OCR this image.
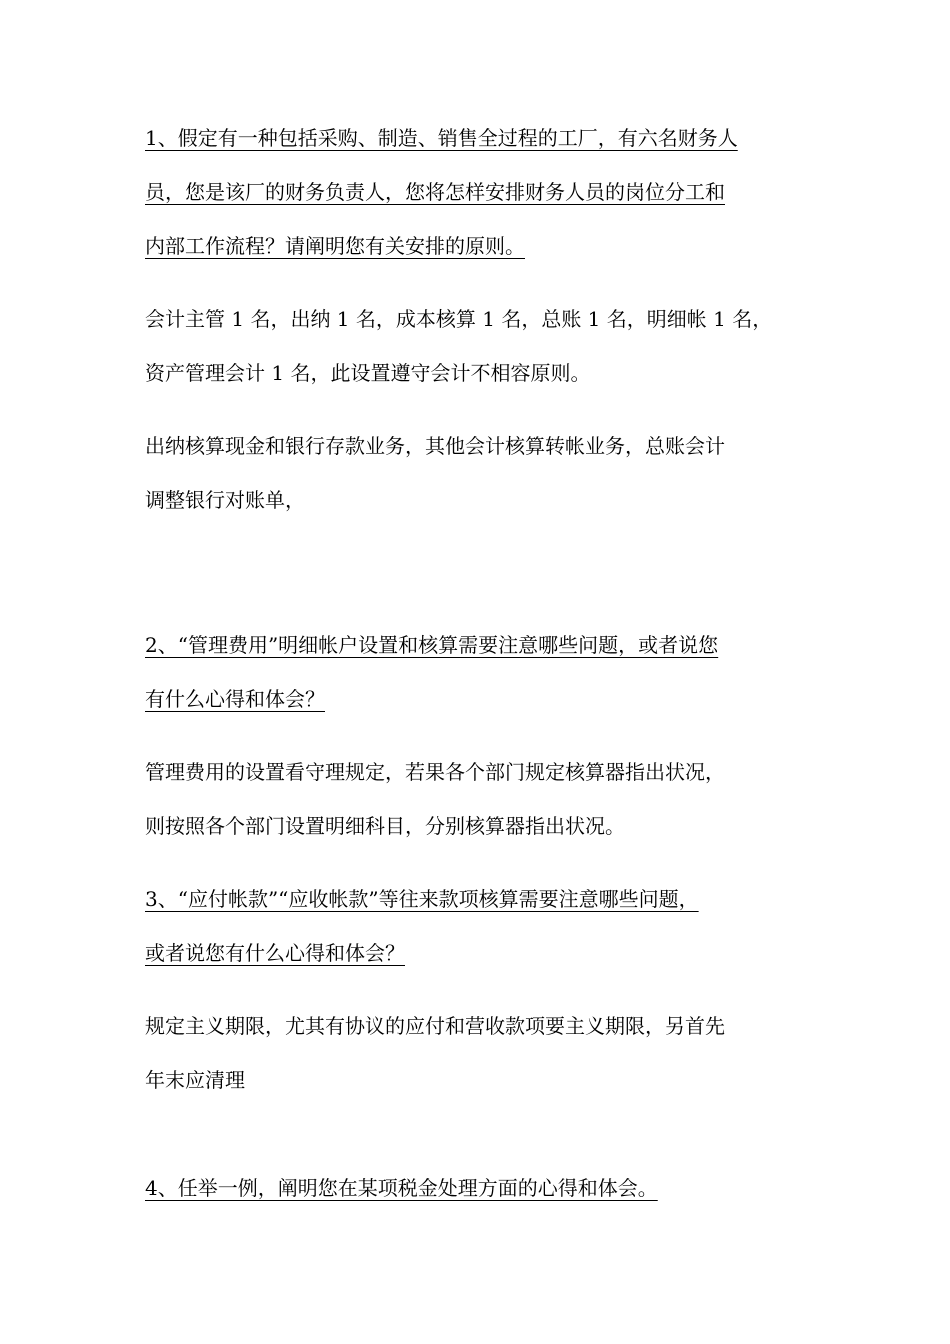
1、假定有一种包括采购、制造、销售全过程的工厂，有六名财务人
员，您是该厂的财务负责人，您将怎样安排财务人员的岗位分工和
内部工作流程？请阐明您有关安排的原则。
会计主管 1 名，出纳 1 名，成本核算 1 名，总账 1 名，明细帐 1 名，
资产管理会计 1 名，此设置遵守会计不相容原则。
出纳核算现金和银行存款业务，其他会计核算转帐业务，总账会计
调整银行对账单，
2、“管理费用”明细帐户设置和核算需要注意哪些问题，或者说您
有什么心得和体会？
管理费用的设置看守理规定，若果各个部门规定核算器指出状况，
则按照各个部门设置明细科目，分别核算器指出状况。
3、“应付帐款”“应收帐款”等往来款项核算需要注意哪些问题，
或者说您有什么心得和体会？
规定主义期限，尤其有协议的应付和营收款项要主义期限，另首先
年末应清理
4、任举一例，阐明您在某项税金处理方面的心得和体会。
